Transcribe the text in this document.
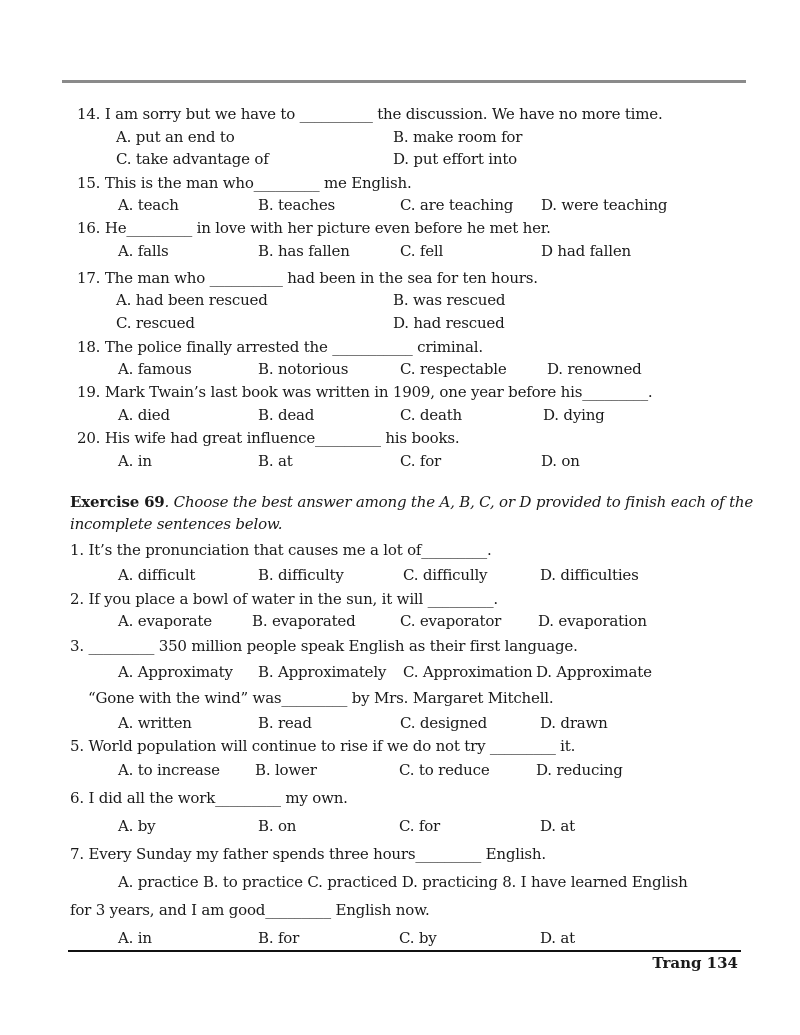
14. I am sorry but we have to __________ the discussion. We have no more time.
A. put an end to	B. make room for
C. take advantage of	D. put effort into
15. This is the man who_________ me English.
A. teach	B. teaches	C. are teaching D. were teaching
16. He_________ in love with her picture even before he met her.
A. falls	B. has fallen	C. fell	D had fallen
17. The man who __________ had been in the sea for ten hours.
A. had been rescued	B. was rescued
C. rescued	D. had rescued
18. The police finally arrested the ___________ criminal.
A. famous	B. notorious	C. respectable	D. renowned
19. Mark Twain’s last book was written in 1909, one year before his_________.
A. died	B. dead	C. death	D. dying
20. His wife had great influence_________ his books.
A. in	B. at	C. for	D. on
Exercise 69. Choose the best answer among the A, B, C, or D provided to finish each of the
incomplete sentences below.
1. It’s the pronunciation that causes me a lot of_________.
A. difficult	B. difficulty	C. difficully	D. difficulties
2. If you place a bowl of water in the sun, it will _________.
A. evaporate	B. evaporated	C. evaporator D. evaporation
3. _________ 350 million people speak English as their first language.
A. Approximaty B. Approximately C. Approximation D. Approximate
“Gone with the wind” was_________ by Mrs. Margaret Mitchell.
A. written	B. read	C. designed	D. drawn
5. World population will continue to rise if we do not try _________ it.
A. to increase B. lower	C. to reduce	D. reducing
6. I did all the work_________ my own.
A. by	B. on	C. for	D. at
7. Every Sunday my father spends three hours_________ English.
A. practice B. to practice C. practiced D. practicing 8. I have learned English
for 3 years, and I am good_________ English now.
A. in	B. for	C. by	D. at
Trang 134
